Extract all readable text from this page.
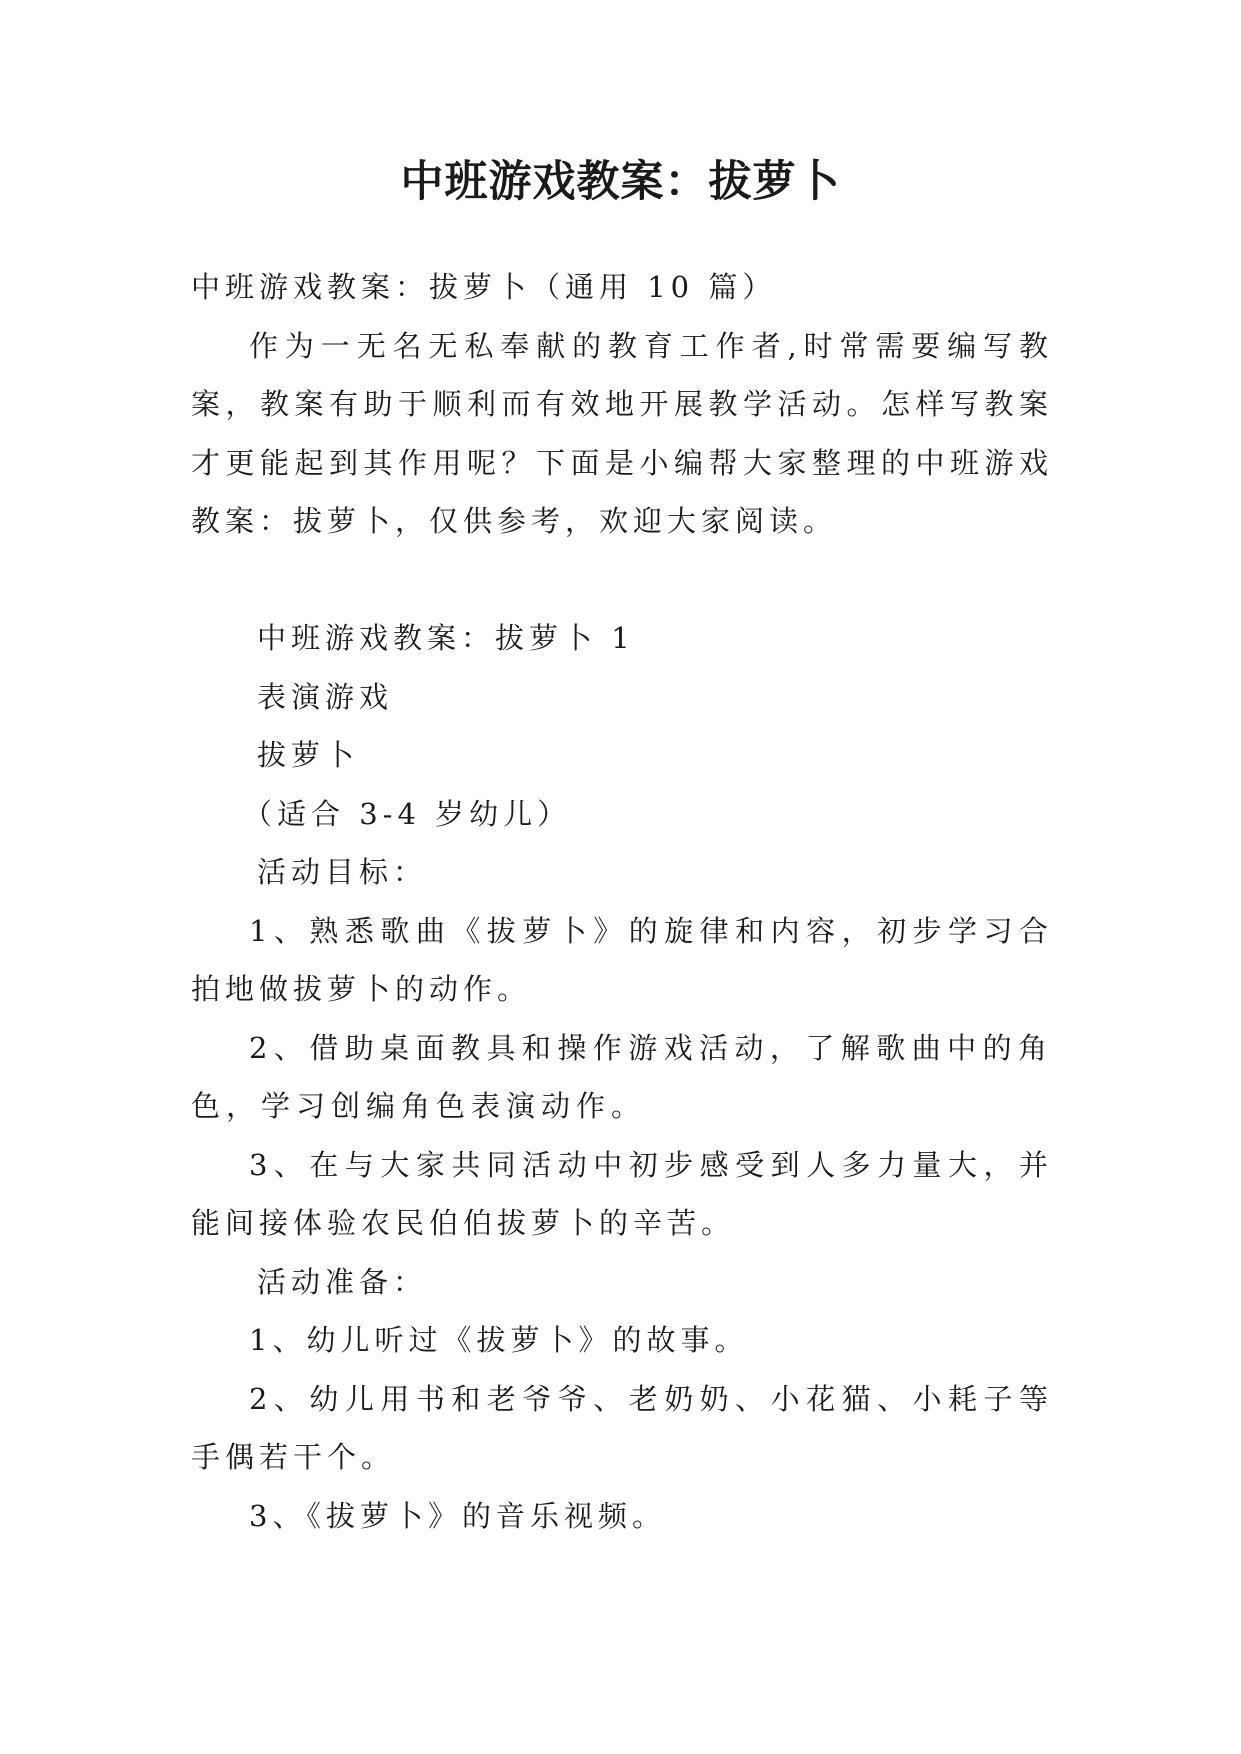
中班游戏教案：拔萝卜

中班游戏教案：拔萝卜（通用 10 篇）

作为一无名无私奉献的教育工作者,时常需要编写教案，教案有助于顺利而有效地开展教学活动。怎样写教案才更能起到其作用呢？下面是小编帮大家整理的中班游戏教案：拔萝卜，仅供参考，欢迎大家阅读。

中班游戏教案：拔萝卜 1

表演游戏

拔萝卜

（适合 3-4 岁幼儿）

活动目标：

1、熟悉歌曲《拔萝卜》的旋律和内容，初步学习合拍地做拔萝卜的动作。

2、借助桌面教具和操作游戏活动，了解歌曲中的角色，学习创编角色表演动作。

3、在与大家共同活动中初步感受到人多力量大，并能间接体验农民伯伯拔萝卜的辛苦。

活动准备：

1、幼儿听过《拔萝卜》的故事。

2、幼儿用书和老爷爷、老奶奶、小花猫、小耗子等手偶若干个。

3、《拔萝卜》的音乐视频。
